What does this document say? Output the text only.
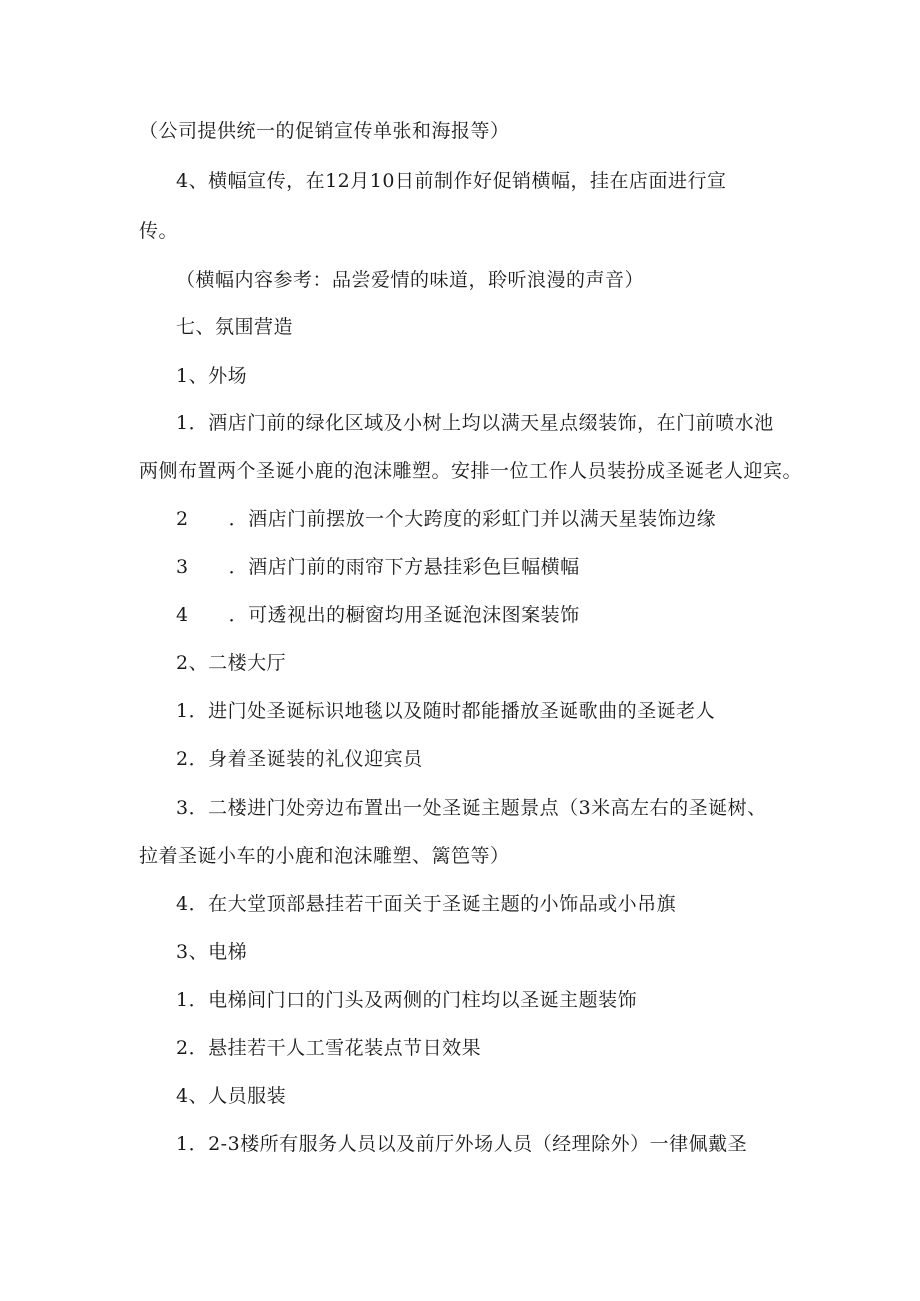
（公司提供统一的促销宣传单张和海报等）
4、横幅宣传，在12月10日前制作好促销横幅，挂在店面进行宣
传。
（横幅内容参考：品尝爱情的味道，聆听浪漫的声音）
七、氛围营造
1、外场
1．酒店门前的绿化区域及小树上均以满天星点缀装饰，在门前喷水池
两侧布置两个圣诞小鹿的泡沫雕塑。安排一位工作人员装扮成圣诞老人迎宾。
2 ．酒店门前摆放一个大跨度的彩虹门并以满天星装饰边缘
3 ．酒店门前的雨帘下方悬挂彩色巨幅横幅
4 ．可透视出的橱窗均用圣诞泡沫图案装饰
2、二楼大厅
1．进门处圣诞标识地毯以及随时都能播放圣诞歌曲的圣诞老人
2．身着圣诞装的礼仪迎宾员
3．二楼进门处旁边布置出一处圣诞主题景点（3米高左右的圣诞树、
拉着圣诞小车的小鹿和泡沫雕塑、篱笆等）
4．在大堂顶部悬挂若干面关于圣诞主题的小饰品或小吊旗
3、电梯
1．电梯间门口的门头及两侧的门柱均以圣诞主题装饰
2．悬挂若干人工雪花装点节日效果
4、人员服装
1．2-3楼所有服务人员以及前厅外场人员（经理除外）一律佩戴圣
